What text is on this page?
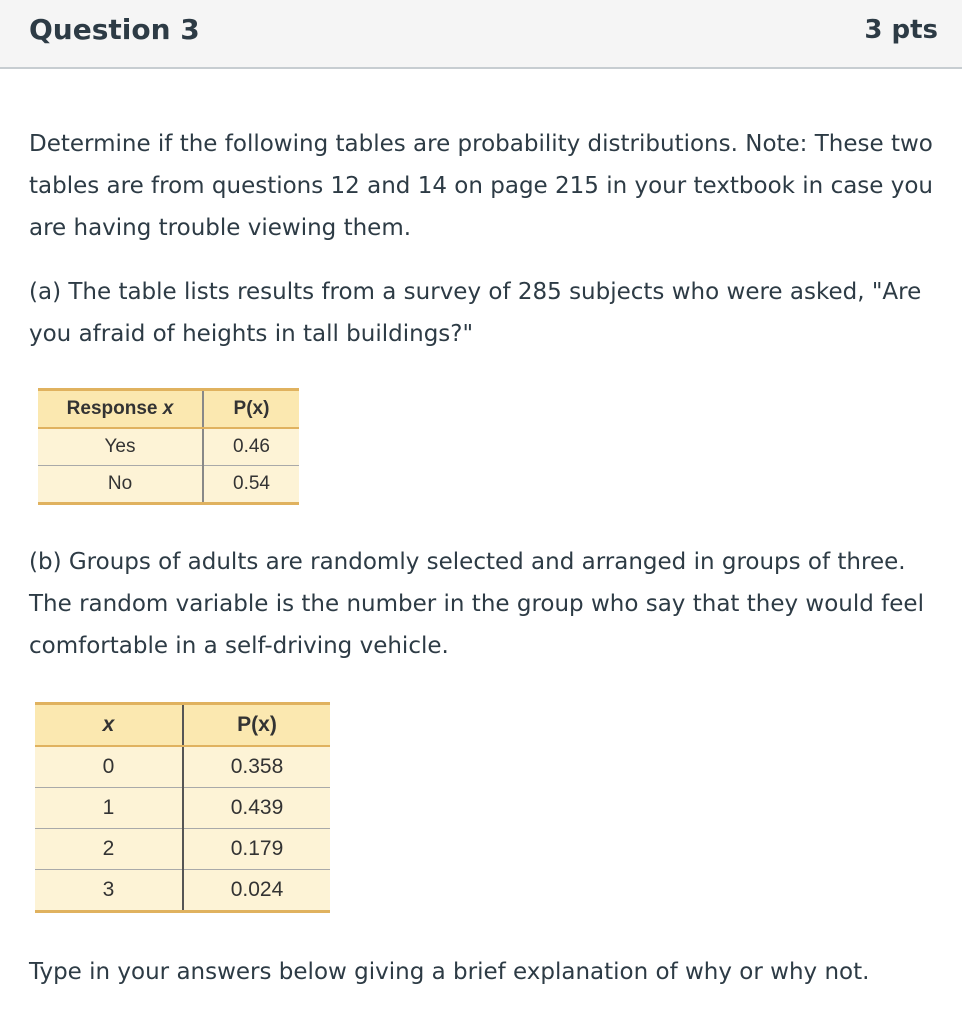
Question 3	3 pts

Determine if the following tables are probability distributions. Note: These two tables are from questions 12 and 14 on page 215 in your textbook in case you are having trouble viewing them.

(a) The table lists results from a survey of 285 subjects who were asked, "Are you afraid of heights in tall buildings?"

Response x	P(x)
Yes	0.46
No	0.54

(b) Groups of adults are randomly selected and arranged in groups of three. The random variable is the number in the group who say that they would feel comfortable in a self-driving vehicle.

x	P(x)
0	0.358
1	0.439
2	0.179
3	0.024

Type in your answers below giving a brief explanation of why or why not.
